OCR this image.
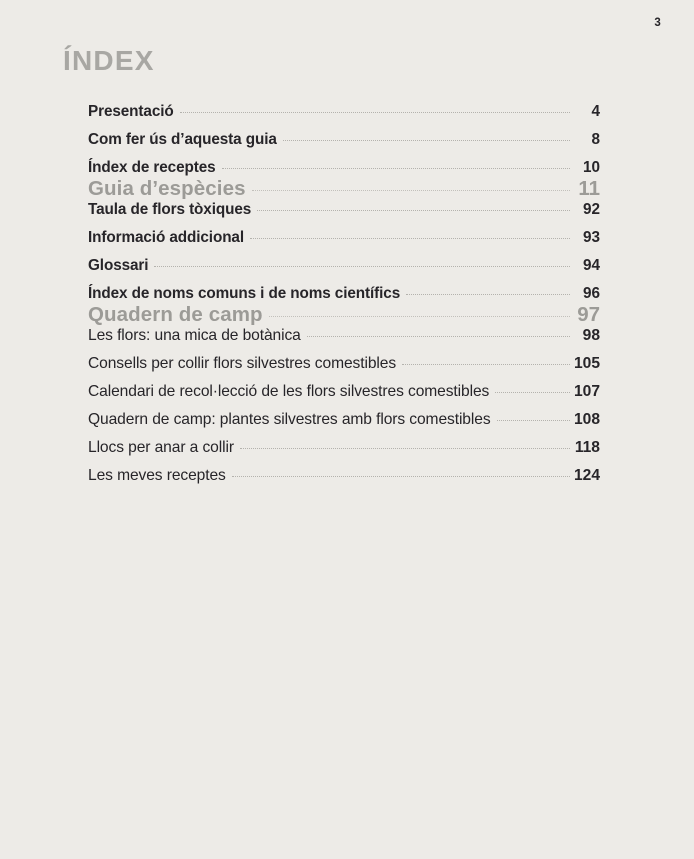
3
ÍNDEX
Presentació	4
Com fer ús d’aquesta guia	8
Índex de receptes	10
Guia d’espècies	11
Taula de flors tòxiques	92
Informació addicional	93
Glossari	94
Índex de noms comuns i de noms científics	96
Quadern de camp	97
Les flors: una mica de botànica	98
Consells per collir flors silvestres comestibles	105
Calendari de recol·lecció de les flors silvestres comestibles	107
Quadern de camp: plantes silvestres amb flors comestibles	108
Llocs per anar a collir	118
Les meves receptes	124
